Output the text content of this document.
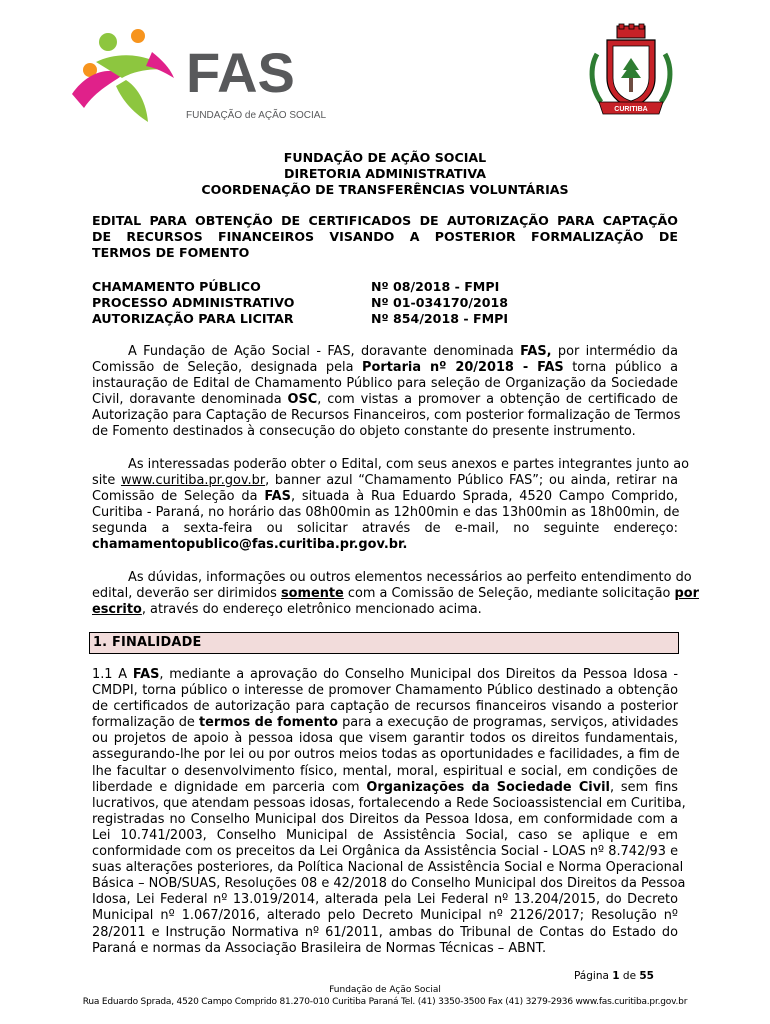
FAS
FUNDAÇÃO de AÇÃO SOCIAL
CURITIBA
FUNDAÇÃO DE AÇÃO SOCIAL
DIRETORIA ADMINISTRATIVA
COORDENAÇÃO DE TRANSFERÊNCIAS VOLUNTÁRIAS
EDITAL PARA OBTENÇÃO DE CERTIFICADOS DE AUTORIZAÇÃO PARA CAPTAÇÃO
DE RECURSOS FINANCEIROS VISANDO A POSTERIOR FORMALIZAÇÃO DE
TERMOS DE FOMENTO
CHAMAMENTO PÚBLICO	Nº 08/2018 - FMPI
PROCESSO ADMINISTRATIVO	Nº 01-034170/2018
AUTORIZAÇÃO PARA LICITAR	Nº 854/2018 - FMPI
A Fundação de Ação Social - FAS, doravante denominada FAS, por intermédio da
Comissão de Seleção, designada pela Portaria nº 20/2018 - FAS torna público a
instauração de Edital de Chamamento Público para seleção de Organização da Sociedade
Civil, doravante denominada OSC, com vistas a promover a obtenção de certificado de
Autorização para Captação de Recursos Financeiros, com posterior formalização de Termos
de Fomento destinados à consecução do objeto constante do presente instrumento.
As interessadas poderão obter o Edital, com seus anexos e partes integrantes junto ao
site www.curitiba.pr.gov.br, banner azul “Chamamento Público FAS”; ou ainda, retirar na
Comissão de Seleção da FAS, situada à Rua Eduardo Sprada, 4520 Campo Comprido,
Curitiba - Paraná, no horário das 08h00min as 12h00min e das 13h00min as 18h00min, de
segunda a sexta-feira ou solicitar através de e-mail, no seguinte endereço:
chamamentopublico@fas.curitiba.pr.gov.br.
As dúvidas, informações ou outros elementos necessários ao perfeito entendimento do
edital, deverão ser dirimidos somente com a Comissão de Seleção, mediante solicitação por
escrito, através do endereço eletrônico mencionado acima.
1. FINALIDADE
1.1 A FAS, mediante a aprovação do Conselho Municipal dos Direitos da Pessoa Idosa -
CMDPI, torna público o interesse de promover Chamamento Público destinado a obtenção
de certificados de autorização para captação de recursos financeiros visando a posterior
formalização de termos de fomento para a execução de programas, serviços, atividades
ou projetos de apoio à pessoa idosa que visem garantir todos os direitos fundamentais,
assegurando-lhe por lei ou por outros meios todas as oportunidades e facilidades, a fim de
lhe facultar o desenvolvimento físico, mental, moral, espiritual e social, em condições de
liberdade e dignidade em parceria com Organizações da Sociedade Civil, sem fins
lucrativos, que atendam pessoas idosas, fortalecendo a Rede Socioassistencial em Curitiba,
registradas no Conselho Municipal dos Direitos da Pessoa Idosa, em conformidade com a
Lei 10.741/2003, Conselho Municipal de Assistência Social, caso se aplique e em
conformidade com os preceitos da Lei Orgânica da Assistência Social - LOAS nº 8.742/93 e
suas alterações posteriores, da Política Nacional de Assistência Social e Norma Operacional
Básica – NOB/SUAS, Resoluções 08 e 42/2018 do Conselho Municipal dos Direitos da Pessoa
Idosa, Lei Federal nº 13.019/2014, alterada pela Lei Federal nº 13.204/2015, do Decreto
Municipal nº 1.067/2016, alterado pelo Decreto Municipal nº 2126/2017; Resolução nº
28/2011 e Instrução Normativa nº 61/2011, ambas do Tribunal de Contas do Estado do
Paraná e normas da Associação Brasileira de Normas Técnicas – ABNT.
Página 1 de 55
Fundação de Ação Social
Rua Eduardo Sprada, 4520 Campo Comprido 81.270-010 Curitiba Paraná Tel. (41) 3350-3500 Fax (41) 3279-2936 www.fas.curitiba.pr.gov.br
